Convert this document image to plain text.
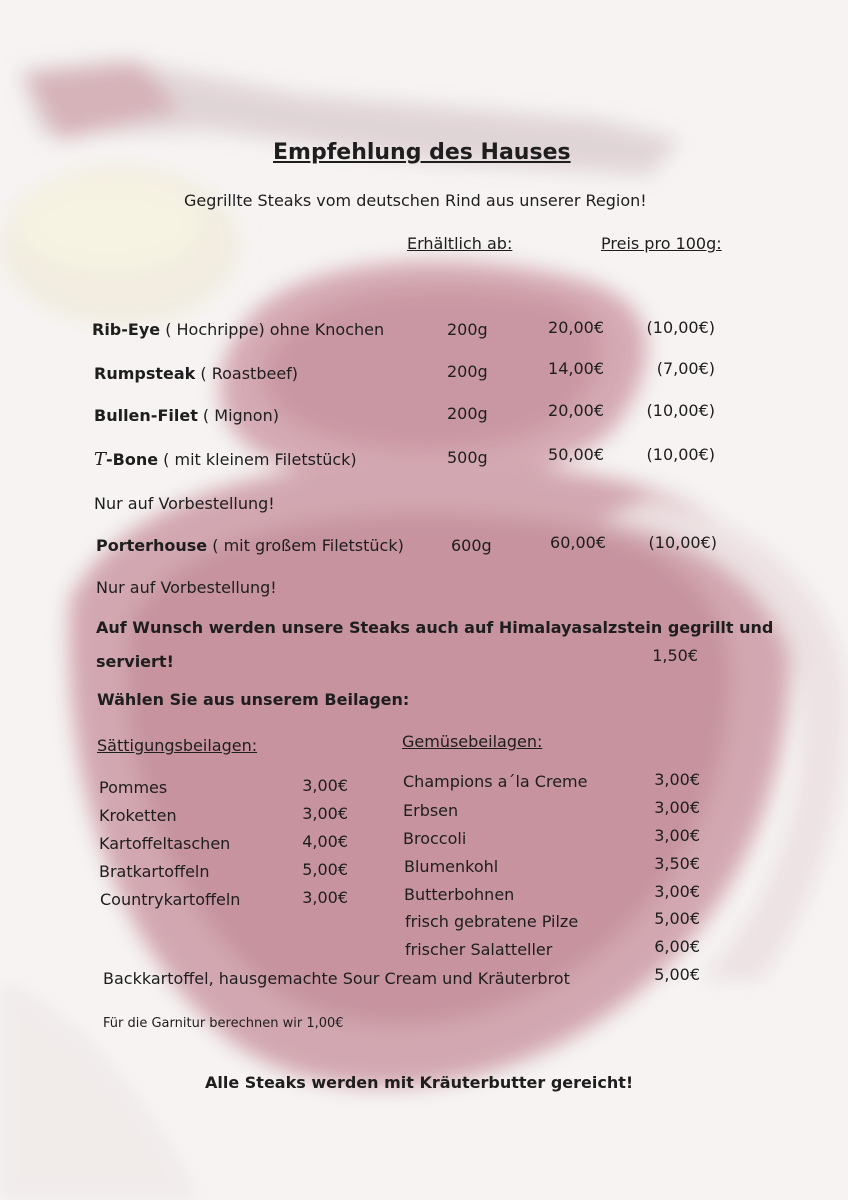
Empfehlung des Hauses
Gegrillte Steaks vom deutschen Rind aus unserer Region!
Erhältlich ab:	Preis pro 100g:
Rib-Eye ( Hochrippe) ohne Knochen	200g	20,00€	(10,00€)
Rumpsteak ( Roastbeef)	200g	14,00€	(7,00€)
Bullen-Filet ( Mignon)	200g	20,00€	(10,00€)
T-Bone ( mit kleinem Filetstück)	500g	50,00€	(10,00€)
Nur auf Vorbestellung!
Porterhouse ( mit großem Filetstück)	600g	60,00€	(10,00€)
Nur auf Vorbestellung!
Auf Wunsch werden unsere Steaks auch auf Himalayasalzstein gegrillt und
serviert!	1,50€
Wählen Sie aus unserem Beilagen:
Sättigungsbeilagen:	Gemüsebeilagen:
Pommes	3,00€
Kroketten	3,00€
Kartoffeltaschen	4,00€
Bratkartoffeln	5,00€
Countrykartoffeln	3,00€
Champions a´la Creme	3,00€
Erbsen	3,00€
Broccoli	3,00€
Blumenkohl	3,50€
Butterbohnen	3,00€
frisch gebratene Pilze	5,00€
frischer Salatteller	6,00€
Backkartoffel, hausgemachte Sour Cream und Kräuterbrot	5,00€
Für die Garnitur berechnen wir 1,00€
Alle Steaks werden mit Kräuterbutter gereicht!
